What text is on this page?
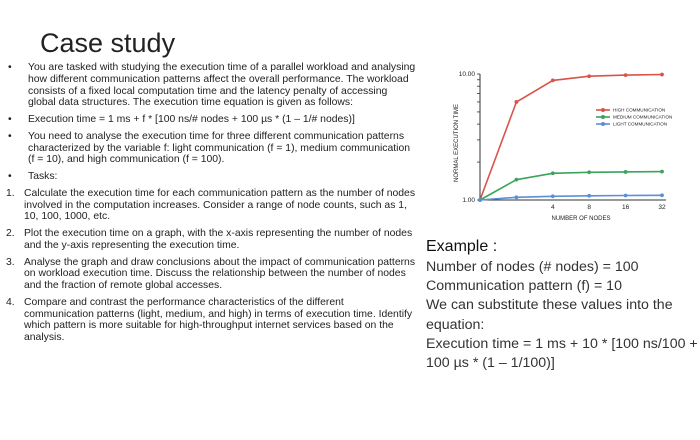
Case study
•	You are tasked with studying the execution time of a parallel workload and analysing how different communication patterns affect the overall performance. The workload consists of a fixed local computation time and the latency penalty of accessing global data structures. The execution time equation is given as follows:
•	Execution time = 1 ms + f * [100 ns/# nodes + 100 µs * (1 – 1/# nodes)]
•	You need to analyse the execution time for three different communication patterns characterized by the variable f: light communication (f = 1), medium communication (f = 10), and high communication (f = 100).
•	Tasks:
1. Calculate the execution time for each communication pattern as the number of nodes involved in the computation increases. Consider a range of node counts, such as 1, 10, 100, 1000, etc.
2. Plot the execution time on a graph, with the x-axis representing the number of nodes and the y-axis representing the execution time.
3. Analyse the graph and draw conclusions about the impact of communication patterns on workload execution time. Discuss the relationship between the number of nodes and the fraction of remote global accesses.
4. Compare and contrast the performance characteristics of the different communication patterns (light, medium, and high) in terms of execution time. Identify which pattern is more suitable for high-throughput internet services based on the analysis.
10.00
1.00
4	8	16	32
NUMBER OF NODES
NORMAL EXECUTION TIME	HIGH COMMUNICATION
MEDIUM COMMUNICATION
LIGHT COMMUNICATION
Example :
Number of nodes (# nodes) = 100
Communication pattern (f) = 10
We can substitute these values into the equation:
Execution time = 1 ms + 10 * [100 ns/100 + 100 µs * (1 – 1/100)]
